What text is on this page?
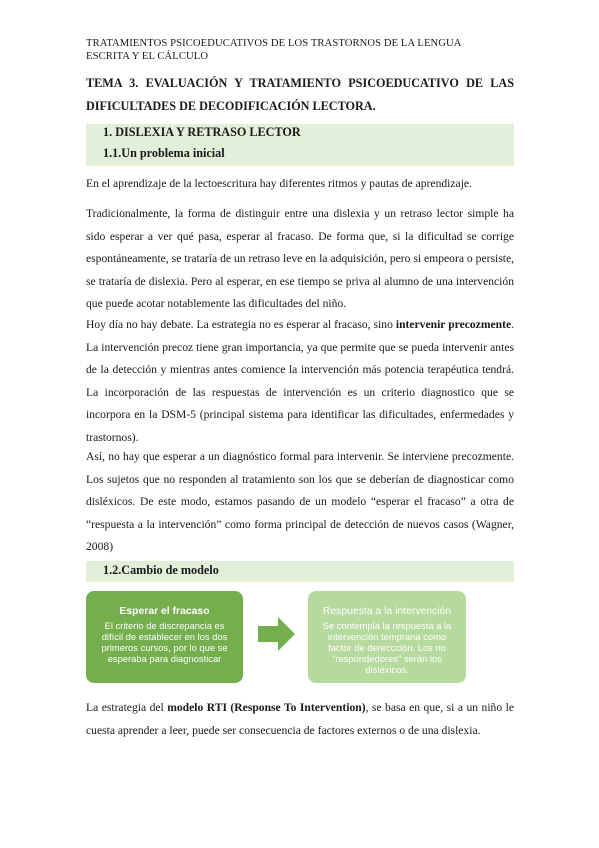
TRATAMIENTOS PSICOEDUCATIVOS DE LOS TRASTORNOS DE LA LENGUA ESCRITA Y EL CÁLCULO
TEMA 3. EVALUACIÓN Y TRATAMIENTO PSICOEDUCATIVO DE LAS DIFICULTADES DE DECODIFICACIÓN LECTORA.
1. DISLEXIA Y RETRASO LECTOR
1.1.Un problema inicial
En el aprendizaje de la lectoescritura hay diferentes ritmos y pautas de aprendizaje.
Tradicionalmente, la forma de distinguir entre una dislexia y un retraso lector simple ha sido esperar a ver qué pasa, esperar al fracaso. De forma que, si la dificultad se corrige espontáneamente, se trataría de un retraso leve en la adquisición, pero si empeora o persiste, se trataría de dislexia. Pero al esperar, en ese tiempo se priva al alumno de una intervención que puede acotar notablemente las dificultades del niño.
Hoy día no hay debate. La estrategia no es esperar al fracaso, sino intervenir precozmente. La intervención precoz tiene gran importancia, ya que permite que se pueda intervenir antes de la detección y mientras antes comience la intervención más potencia terapéutica tendrá. La incorporación de las respuestas de intervención es un criterio diagnostico que se incorpora en la DSM-5 (principal sistema para identificar las dificultades, enfermedades y trastornos).
Así, no hay que esperar a un diagnóstico formal para intervenir. Se interviene precozmente. Los sujetos que no responden al tratamiento son los que se deberían de diagnosticar como disléxicos. De este modo, estamos pasando de un modelo “esperar el fracaso” a otra de “respuesta a la intervención” como forma principal de detección de nuevos casos (Wagner, 2008)
1.2.Cambio de modelo
Esperar el fracaso
El criterio de discrepancia es difícil de establecer en los dos primeros cursos, por lo que se esperaba para diagnosticar
Respuesta a la intervención
Se contempla la respuesta a la intervención temprana como factor de dereccción. Los no "respondedores" serán los disléxicos.
La estrategia del modelo RTI (Response To Intervention), se basa en que, si a un niño le cuesta aprender a leer, puede ser consecuencia de factores externos o de una dislexia.
